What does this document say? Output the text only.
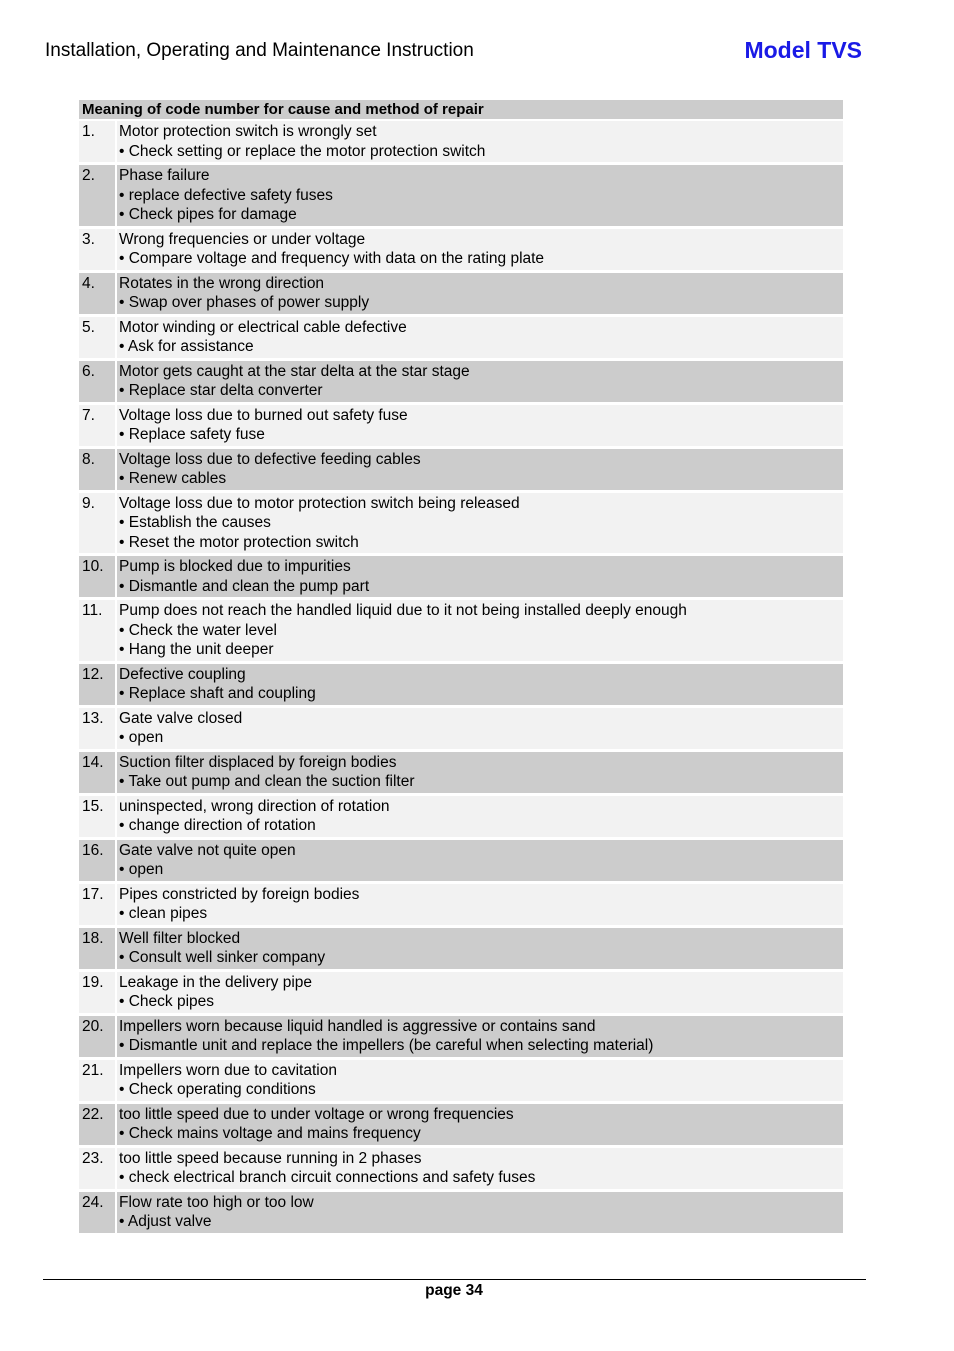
Installation, Operating and Maintenance Instruction	Model TVS
Meaning of code number for cause and method of repair
1.	Motor protection switch is wrongly set
• Check setting or replace the motor protection switch
2.	Phase failure
• replace defective safety fuses
• Check pipes for damage
3.	Wrong frequencies or under voltage
• Compare voltage and frequency with data on the rating plate
4.	Rotates in the wrong direction
• Swap over phases of power supply
5.	Motor winding or electrical cable defective
• Ask for assistance
6.	Motor gets caught at the star delta at the star stage
• Replace star delta converter
7.	Voltage loss due to burned out safety fuse
• Replace safety fuse
8.	Voltage loss due to defective feeding cables
• Renew cables
9.	Voltage loss due to motor protection switch being released
• Establish the causes
• Reset the motor protection switch
10. Pump is blocked due to impurities
• Dismantle and clean the pump part
11.	Pump does not reach the handled liquid due to it not being installed deeply enough
• Check the water level
• Hang the unit deeper
12. Defective coupling
• Replace shaft and coupling
13. Gate valve closed
• open
14. Suction filter displaced by foreign bodies
• Take out pump and clean the suction filter
15. uninspected, wrong direction of rotation
• change direction of rotation
16. Gate valve not quite open
• open
17. Pipes constricted by foreign bodies
• clean pipes
18. Well filter blocked
• Consult well sinker company
19. Leakage in the delivery pipe
• Check pipes
20. Impellers worn because liquid handled is aggressive or contains sand
• Dismantle unit and replace the impellers (be careful when selecting material)
21. Impellers worn due to cavitation
• Check operating conditions
22. too little speed due to under voltage or wrong frequencies
• Check mains voltage and mains frequency
23. too little speed because running in 2 phases
• check electrical branch circuit connections and safety fuses
24. Flow rate too high or too low
• Adjust valve
page 34
